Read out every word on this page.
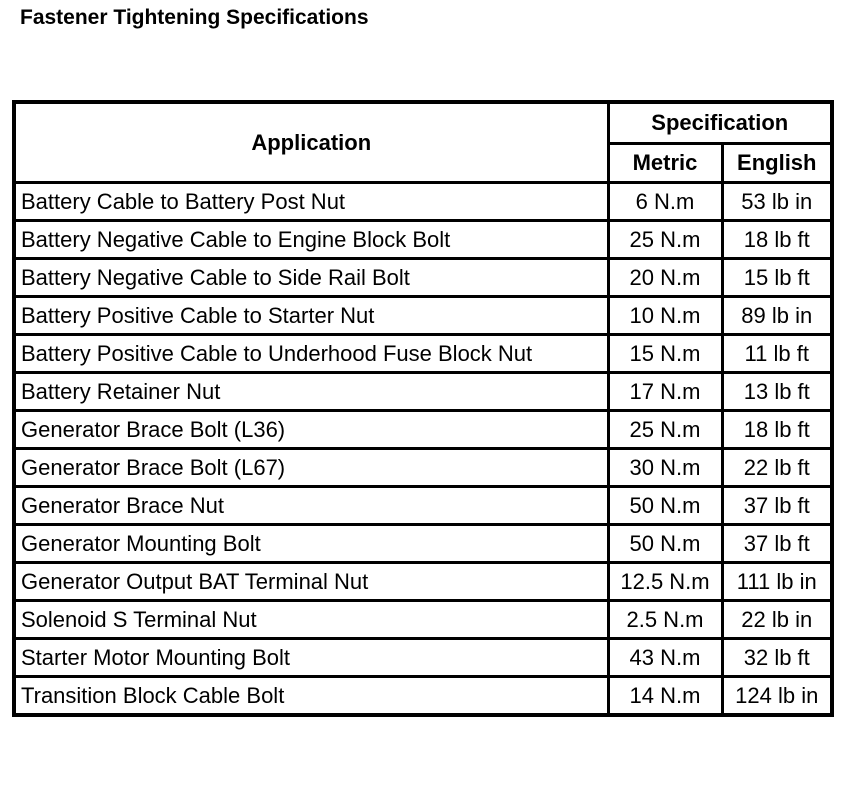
Fastener Tightening Specifications
Application	Specification	
	Metric	English
Battery Cable to Battery Post Nut	6 N.m	53 lb in
Battery Negative Cable to Engine Block Bolt	25 N.m	18 lb ft
Battery Negative Cable to Side Rail Bolt	20 N.m	15 lb ft
Battery Positive Cable to Starter Nut	10 N.m	89 lb in
Battery Positive Cable to Underhood Fuse Block Nut	15 N.m	11 lb ft
Battery Retainer Nut	17 N.m	13 lb ft
Generator Brace Bolt (L36)	25 N.m	18 lb ft
Generator Brace Bolt (L67)	30 N.m	22 lb ft
Generator Brace Nut	50 N.m	37 lb ft
Generator Mounting Bolt	50 N.m	37 lb ft
Generator Output BAT Terminal Nut	12.5 N.m	111 lb in
Solenoid S Terminal Nut	2.5 N.m	22 lb in
Starter Motor Mounting Bolt	43 N.m	32 lb ft
Transition Block Cable Bolt	14 N.m	124 lb in
